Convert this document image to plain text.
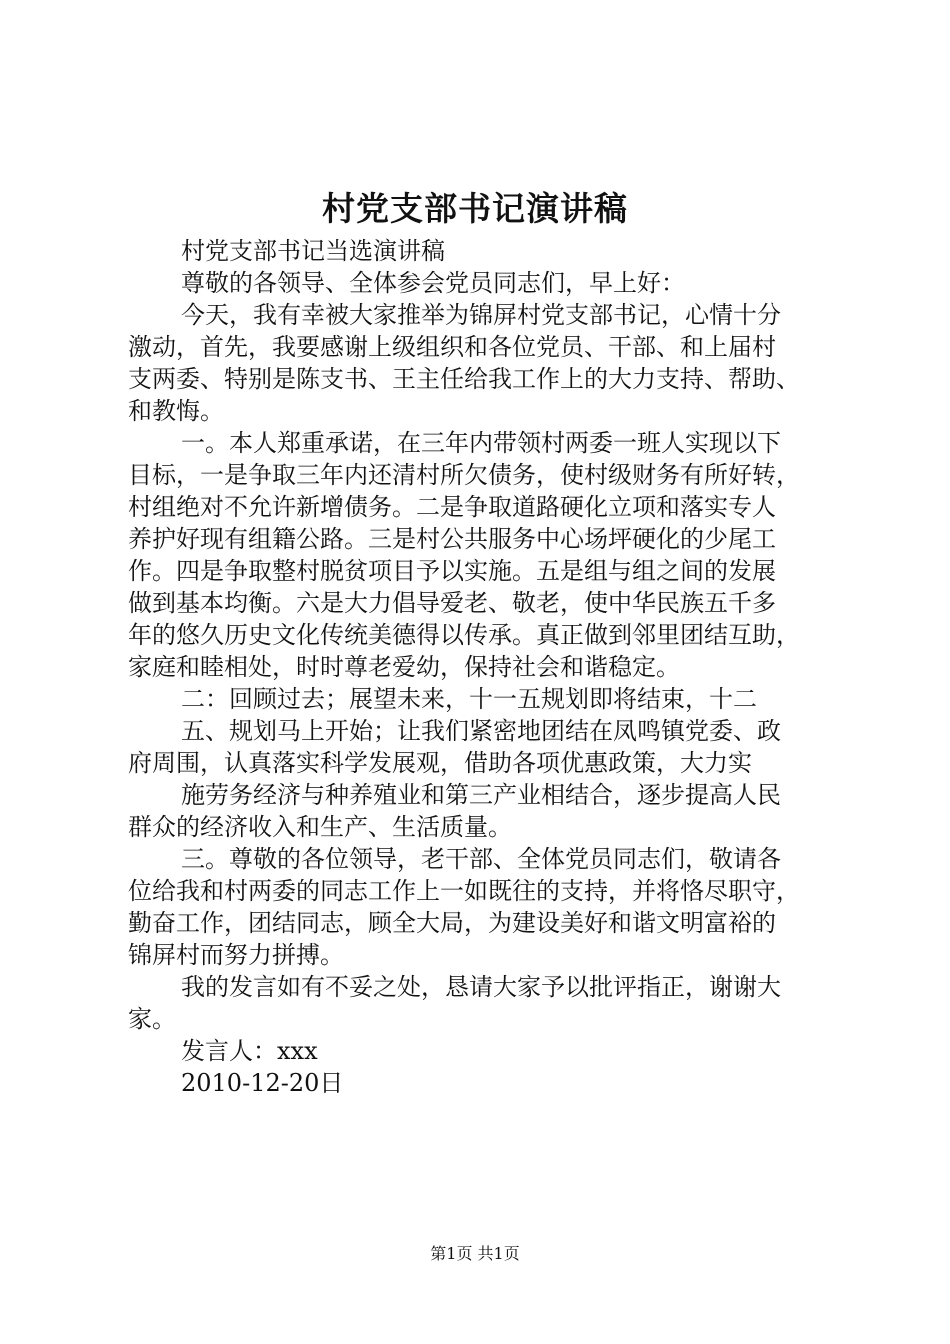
村党支部书记演讲稿
村党支部书记当选演讲稿
尊敬的各领导、全体参会党员同志们，早上好：
今天，我有幸被大家推举为锦屏村党支部书记，心情十分
激动，首先，我要感谢上级组织和各位党员、干部、和上届村
支两委、特别是陈支书、王主任给我工作上的大力支持、帮助、
和教悔。
一。本人郑重承诺，在三年内带领村两委一班人实现以下
目标，一是争取三年内还清村所欠债务，使村级财务有所好转，
村组绝对不允许新增债务。二是争取道路硬化立项和落实专人
养护好现有组籍公路。三是村公共服务中心场坪硬化的少尾工
作。四是争取整村脱贫项目予以实施。五是组与组之间的发展
做到基本均衡。六是大力倡导爱老、敬老，使中华民族五千多
年的悠久历史文化传统美德得以传承。真正做到邻里团结互助，
家庭和睦相处，时时尊老爱幼，保持社会和谐稳定。
二：回顾过去；展望未来，十一五规划即将结束，十二
五、规划马上开始；让我们紧密地团结在凤鸣镇党委、政
府周围，认真落实科学发展观，借助各项优惠政策，大力实
施劳务经济与种养殖业和第三产业相结合，逐步提高人民
群众的经济收入和生产、生活质量。
三。尊敬的各位领导，老干部、全体党员同志们，敬请各
位给我和村两委的同志工作上一如既往的支持，并将恪尽职守，
勤奋工作，团结同志，顾全大局，为建设美好和谐文明富裕的
锦屏村而努力拼搏。
我的发言如有不妥之处，恳请大家予以批评指正，谢谢大
家。
发言人：xxx
2010-12-20日
第1页 共1页
